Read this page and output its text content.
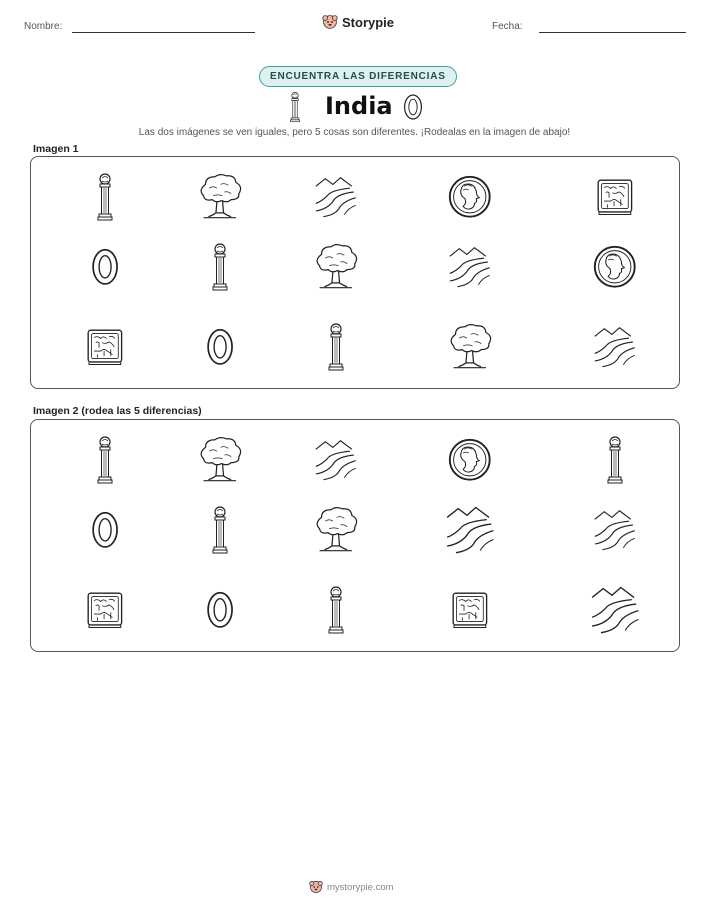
Nombre:	Storypie	Fecha:
ENCUENTRA LAS DIFERENCIAS
India
Las dos imágenes se ven iguales, pero 5 cosas son diferentes. ¡Rodealas en la imagen de abajo!
Imagen 1
Imagen 2 (rodea las 5 diferencias)
mystorypie.com
